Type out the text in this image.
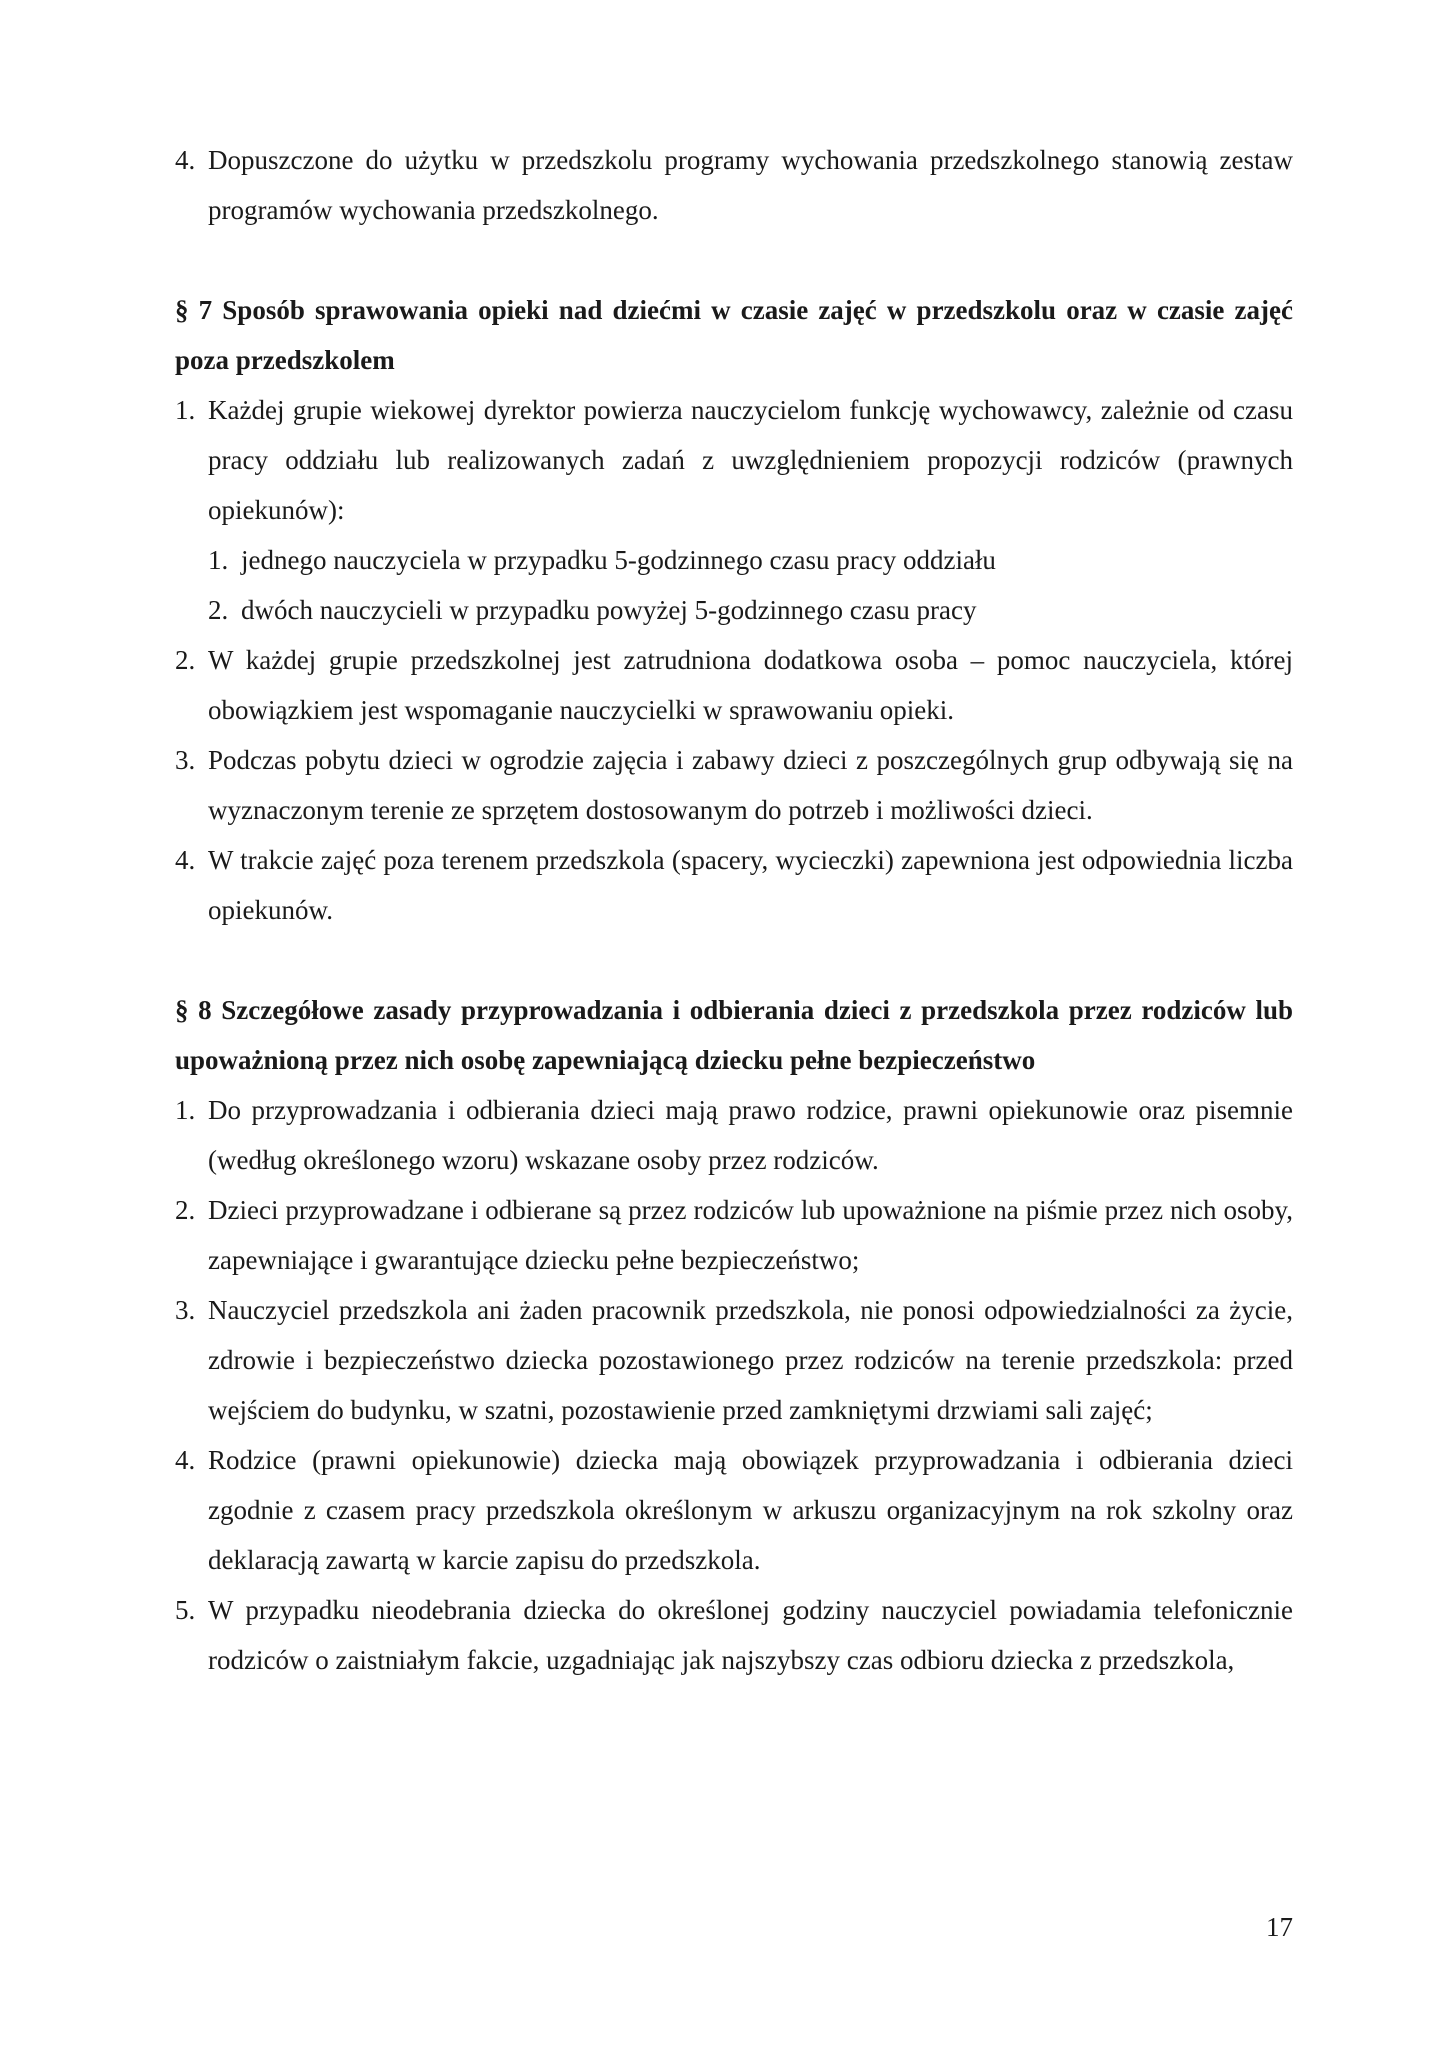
4. Dopuszczone do użytku w przedszkolu programy wychowania przedszkolnego stanowią zestaw programów wychowania przedszkolnego.
§ 7 Sposób sprawowania opieki nad dziećmi w czasie zajęć w przedszkolu oraz w czasie zajęć poza przedszkolem
1. Każdej grupie wiekowej dyrektor powierza nauczycielom funkcję wychowawcy, zależnie od czasu pracy oddziału lub realizowanych zadań z uwzględnieniem propozycji rodziców (prawnych opiekunów):
1. jednego nauczyciela w przypadku 5-godzinnego czasu pracy oddziału
2. dwóch nauczycieli w przypadku powyżej 5-godzinnego czasu pracy
2. W każdej grupie przedszkolnej jest zatrudniona dodatkowa osoba – pomoc nauczyciela, której obowiązkiem jest wspomaganie nauczycielki w sprawowaniu opieki.
3. Podczas pobytu dzieci w ogrodzie zajęcia i zabawy dzieci z poszczególnych grup odbywają się na wyznaczonym terenie ze sprzętem dostosowanym do potrzeb i możliwości dzieci.
4. W trakcie zajęć poza terenem przedszkola (spacery, wycieczki) zapewniona jest odpowiednia liczba opiekunów.
§ 8 Szczegółowe zasady przyprowadzania i odbierania dzieci z przedszkola przez rodziców lub upoważnioną przez nich osobę zapewniającą dziecku pełne bezpieczeństwo
1. Do przyprowadzania i odbierania dzieci mają prawo rodzice, prawni opiekunowie oraz pisemnie (według określonego wzoru) wskazane osoby przez rodziców.
2. Dzieci przyprowadzane i odbierane są przez rodziców lub upoważnione na piśmie przez nich osoby, zapewniające i gwarantujące dziecku pełne bezpieczeństwo;
3. Nauczyciel przedszkola ani żaden pracownik przedszkola, nie ponosi odpowiedzialności za życie, zdrowie i bezpieczeństwo dziecka pozostawionego przez rodziców na terenie przedszkola: przed wejściem do budynku, w szatni, pozostawienie przed zamkniętymi drzwiami sali zajęć;
4. Rodzice (prawni opiekunowie) dziecka mają obowiązek przyprowadzania i odbierania dzieci zgodnie z czasem pracy przedszkola określonym w arkuszu organizacyjnym na rok szkolny oraz deklaracją zawartą w karcie zapisu do przedszkola.
5. W przypadku nieodebrania dziecka do określonej godziny nauczyciel powiadamia telefonicznie rodziców o zaistniałym fakcie, uzgadniając jak najszybszy czas odbioru dziecka z przedszkola,
17
